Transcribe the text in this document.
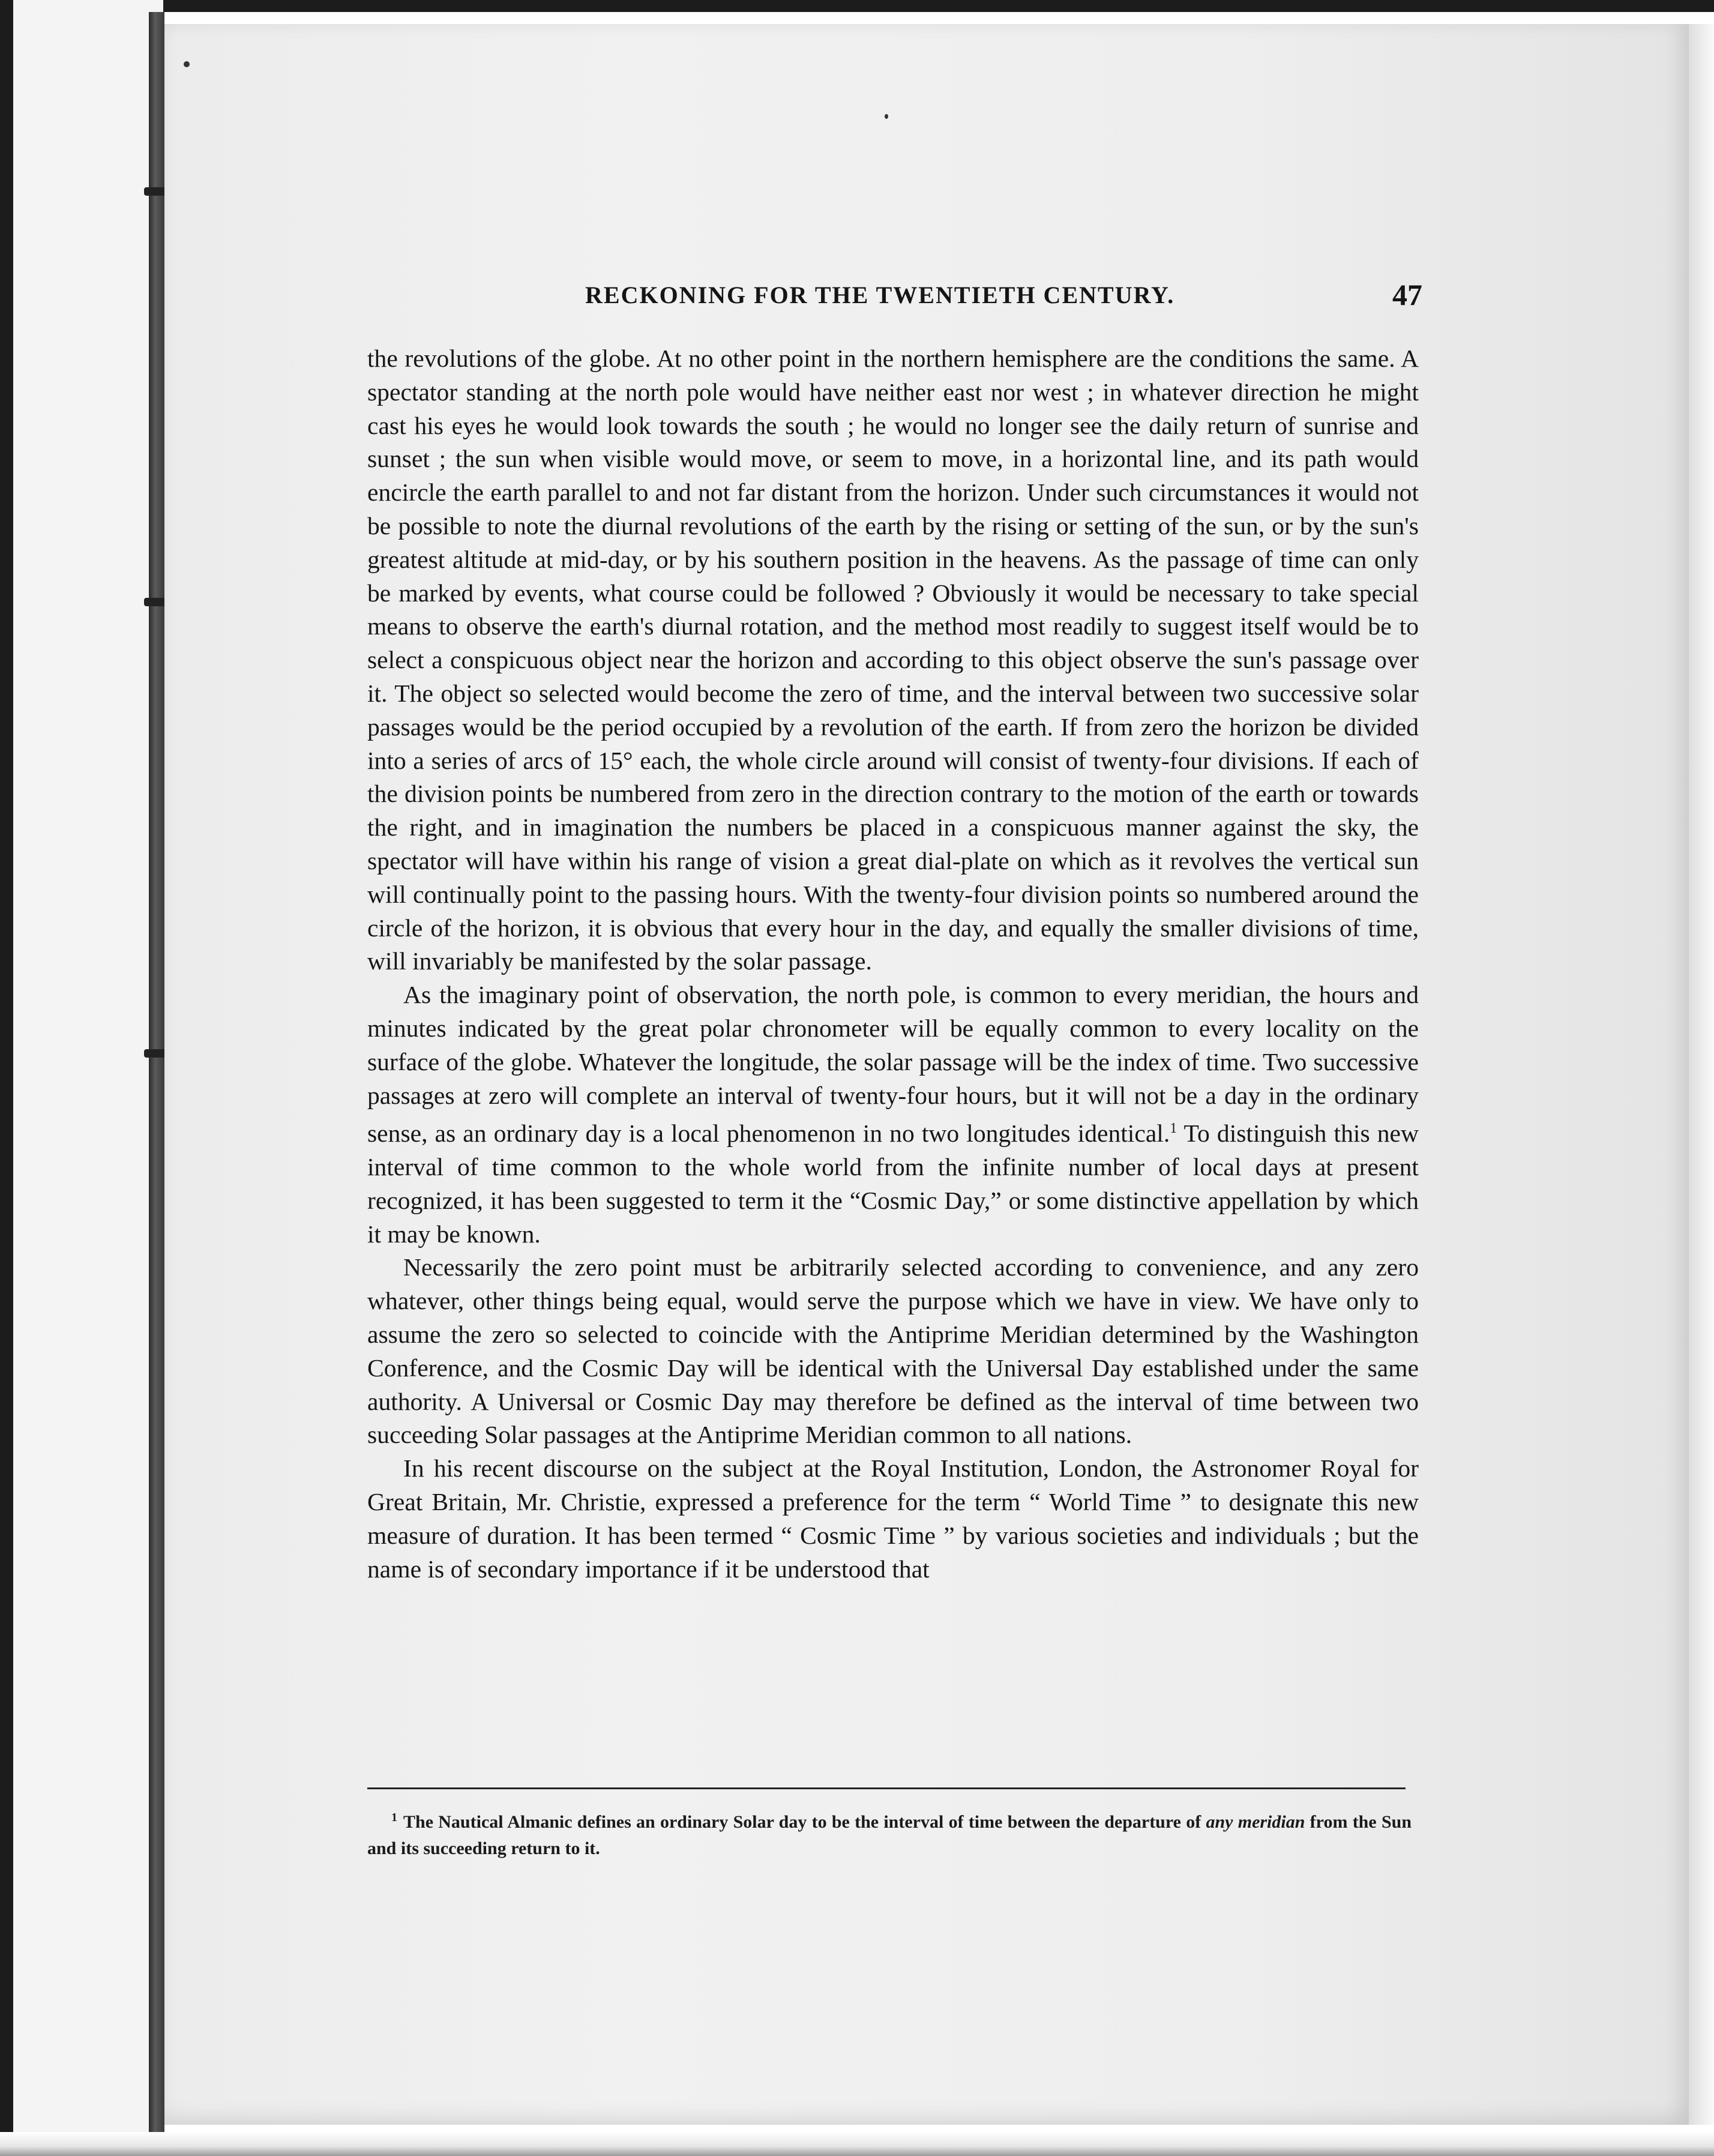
RECKONING FOR THE TWENTIETH CENTURY.	47

the revolutions of the globe. At no other point in the northern hemisphere are the conditions the same. A spectator standing at the north pole would have neither east nor west ; in whatever direction he might cast his eyes he would look towards the south ; he would no longer see the daily return of sunrise and sunset ; the sun when visible would move, or seem to move, in a horizontal line, and its path would encircle the earth parallel to and not far distant from the horizon. Under such circumstances it would not be possible to note the diurnal revolutions of the earth by the rising or setting of the sun, or by the sun's greatest altitude at mid-day, or by his southern position in the heavens. As the passage of time can only be marked by events, what course could be followed ? Obviously it would be necessary to take special means to observe the earth's diurnal rotation, and the method most readily to suggest itself would be to select a conspicuous object near the horizon and according to this object observe the sun's passage over it. The object so selected would become the zero of time, and the interval between two successive solar passages would be the period occupied by a revolution of the earth. If from zero the horizon be divided into a series of arcs of 15° each, the whole circle around will consist of twenty-four divisions. If each of the division points be numbered from zero in the direction contrary to the motion of the earth or towards the right, and in imagination the numbers be placed in a conspicuous manner against the sky, the spectator will have within his range of vision a great dial-plate on which as it revolves the vertical sun will continually point to the passing hours. With the twenty-four division points so numbered around the circle of the horizon, it is obvious that every hour in the day, and equally the smaller divisions of time, will invariably be manifested by the solar passage.

As the imaginary point of observation, the north pole, is common to every meridian, the hours and minutes indicated by the great polar chronometer will be equally common to every locality on the surface of the globe. Whatever the longitude, the solar passage will be the index of time. Two successive passages at zero will complete an interval of twenty-four hours, but it will not be a day in the ordinary sense, as an ordinary day is a local phenomenon in no two longitudes identical.$^1$ To distinguish this new interval of time common to the whole world from the infinite number of local days at present recognized, it has been suggested to term it the “Cosmic Day,” or some distinctive appellation by which it may be known.

Necessarily the zero point must be arbitrarily selected according to convenience, and any zero whatever, other things being equal, would serve the purpose which we have in view. We have only to assume the zero so selected to coincide with the Antiprime Meridian determined by the Washington Conference, and the Cosmic Day will be identical with the Universal Day established under the same authority. A Universal or Cosmic Day may therefore be defined as the interval of time between two succeeding Solar passages at the Antiprime Meridian common to all nations.

In his recent discourse on the subject at the Royal Institution, London, the Astronomer Royal for Great Britain, Mr. Christie, expressed a preference for the term “ World Time ” to designate this new measure of duration. It has been termed “ Cosmic Time ” by various societies and individuals ; but the name is of secondary importance if it be understood that

$^1$ The Nautical Almanic defines an ordinary Solar day to be the interval of time between the departure of any meridian from the Sun and its succeeding return to it.
